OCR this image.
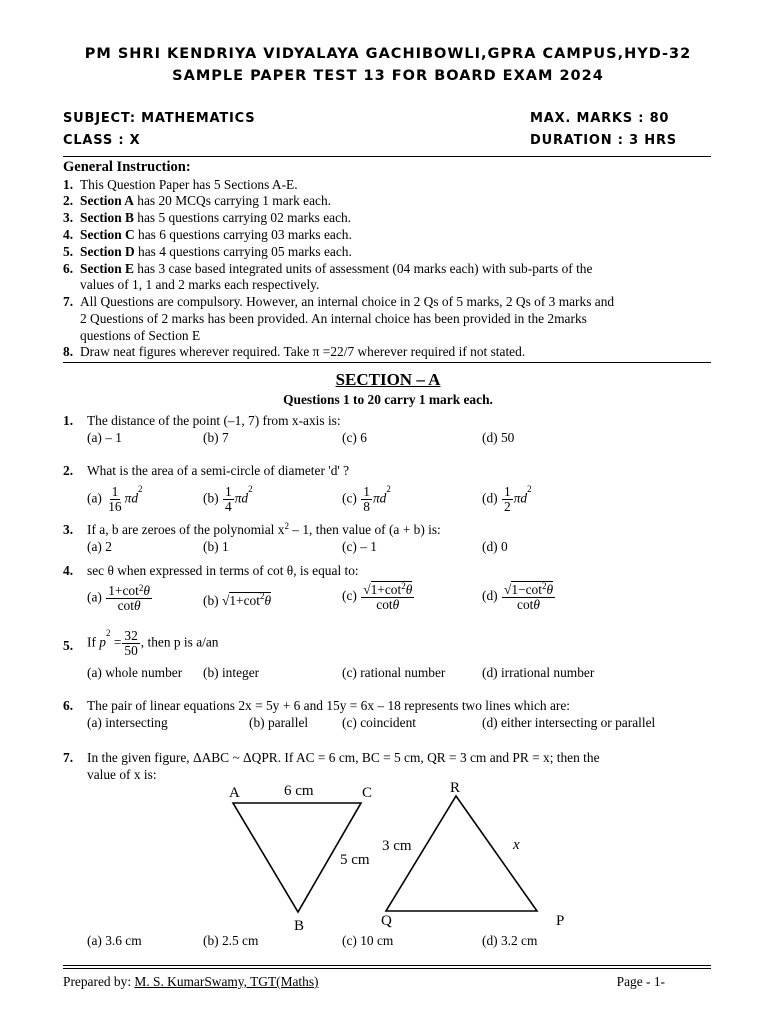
PM SHRI KENDRIYA VIDYALAYA GACHIBOWLI,GPRA CAMPUS,HYD-32
SAMPLE PAPER TEST 13 FOR BOARD EXAM 2024
SUBJECT: MATHEMATICS	MAX. MARKS : 80
CLASS : X	DURATION : 3 HRS
General Instruction:
1. This Question Paper has 5 Sections A-E.
2. Section A has 20 MCQs carrying 1 mark each.
3. Section B has 5 questions carrying 02 marks each.
4. Section C has 6 questions carrying 03 marks each.
5. Section D has 4 questions carrying 05 marks each.
6. Section E has 3 case based integrated units of assessment (04 marks each) with sub-parts of the
values of 1, 1 and 2 marks each respectively.
7. All Questions are compulsory. However, an internal choice in 2 Qs of 5 marks, 2 Qs of 3 marks and
2 Questions of 2 marks has been provided. An internal choice has been provided in the 2marks
questions of Section E
8. Draw neat figures wherever required. Take π =22/7 wherever required if not stated.
SECTION – A
Questions 1 to 20 carry 1 mark each.
1. The distance of the point (–1, 7) from x-axis is:
(a) – 1	(b) 7	(c) 6	(d) 50
2. What is the area of a semi-circle of diameter 'd' ?
$(a) \frac{1}{16} \pi d^2$
$(b) \frac{1}{4} \pi d^2$
$(c) \frac{1}{8} \pi d^2$
$(d) \frac{1}{2} \pi d^2$
3. If a, b are zeroes of the polynomial $x^2 - 1$, then value of (a + b) is:
(a) 2	(b) 1	(c) – 1	(d) 0
4. sec θ when expressed in terms of cot θ, is equal to:
$(a) \frac{1+\cot^2\theta}{\cot\theta}$	(b) $√1+\cot^2\theta$	$(c) \frac{√1+\cot^2\theta}{\cot\theta}$	$(d) \frac{√1-\cot^2\theta}{\cot\theta}$
5. If $p^2 = \frac{32}{50}$ , then p is a/an
(a) whole number (b) integer	(c) rational number	(d) irrational number
6. The pair of linear equations 2x = 5y + 6 and 15y = 6x – 18 represents two lines which are:
(a) intersecting	(b) parallel	(c) coincident	(d) either intersecting or parallel
7. In the given figure, ΔABC ~ ΔQPR. If AC = 6 cm, BC = 5 cm, QR = 3 cm and PR = x; then the
value of x is:
(a) 3.6 cm	(b) 2.5 cm	(c) 10 cm	(d) 3.2 cm
A	C
6 cm
5 cm
B
R
3 cm	x
Q	P
Prepared by: M. S. KumarSwamy, TGT(Maths)	Page - 1-
